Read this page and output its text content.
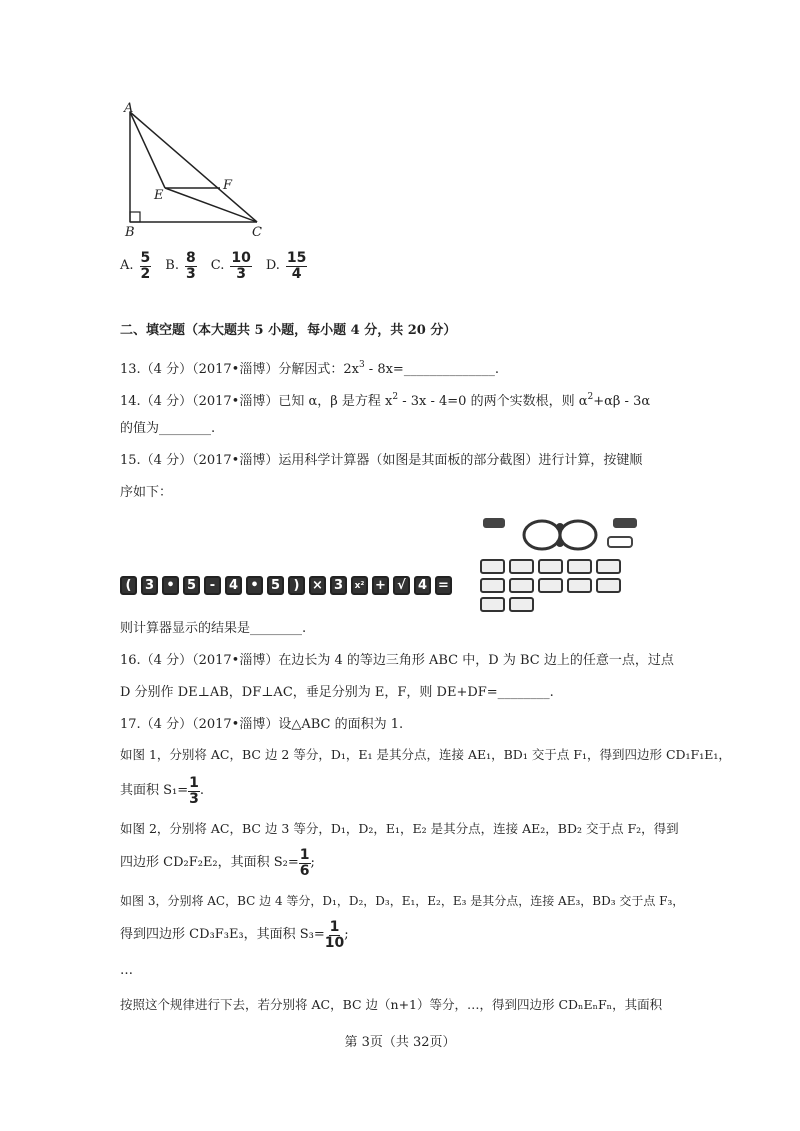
A
B	C
E
F
A. $\frac{5}{2} B$. $\frac{8}{3} C$. $\frac{10}{3} D$. $\frac{15}{4}$
二、填空题（本大题共 5 小题，每小题 4 分，共 20 分）
13.（4 分）（2017•淄博）分解因式：$2x^3$ - 8x=______________.
14.（4 分）（2017•淄博）已知 α，β 是方程 $x^2 - 3x - 4=0$ 的两个实数根，则 $\alpha^2+\alpha\beta - 3\alpha$
的值为________.
15.（4 分）（2017•淄博）运用科学计算器（如图是其面板的部分截图）进行计算，按键顺
序如下：
(	3 • 5	-	4 • 5	) × 3	x² + √ 4 =
则计算器显示的结果是________.
16.（4 分）（2017•淄博）在边长为 4 的等边三角形 ABC 中，D 为 BC 边上的任意一点，过点
D 分别作 DE⊥AB，DF⊥AC，垂足分别为 E，F，则 DE+DF=________.
17.（4 分）（2017•淄博）设△ABC 的面积为 1.
如图 1，分别将 AC，BC 边 2 等分，D₁，E₁ 是其分点，连接 AE₁，BD₁ 交于点 F₁，得到四边形 CD₁F₁E₁，
其面积 $S_1= \frac{1}{3}$ .
如图 2，分别将 AC，BC 边 3 等分，D₁，D₂，E₁，E₂ 是其分点，连接 AE₂，BD₂ 交于点 F₂，得到
四边形 CD₂F₂E₂，其面积 $S_2= \frac{1}{6}$ ;
如图 3，分别将 AC，BC 边 4 等分，D₁，D₂，D₃，E₁，E₂，E₃ 是其分点，连接 AE₃，BD₃ 交于点 F₃，
得到四边形 CD₃F₃E₃，其面积 $S_3= \frac{1}{10}$ ;
…
按照这个规律进行下去，若分别将 AC，BC 边（n+1）等分，…，得到四边形 CDₙEₙFₙ，其面积
第 3页（共 32页）
